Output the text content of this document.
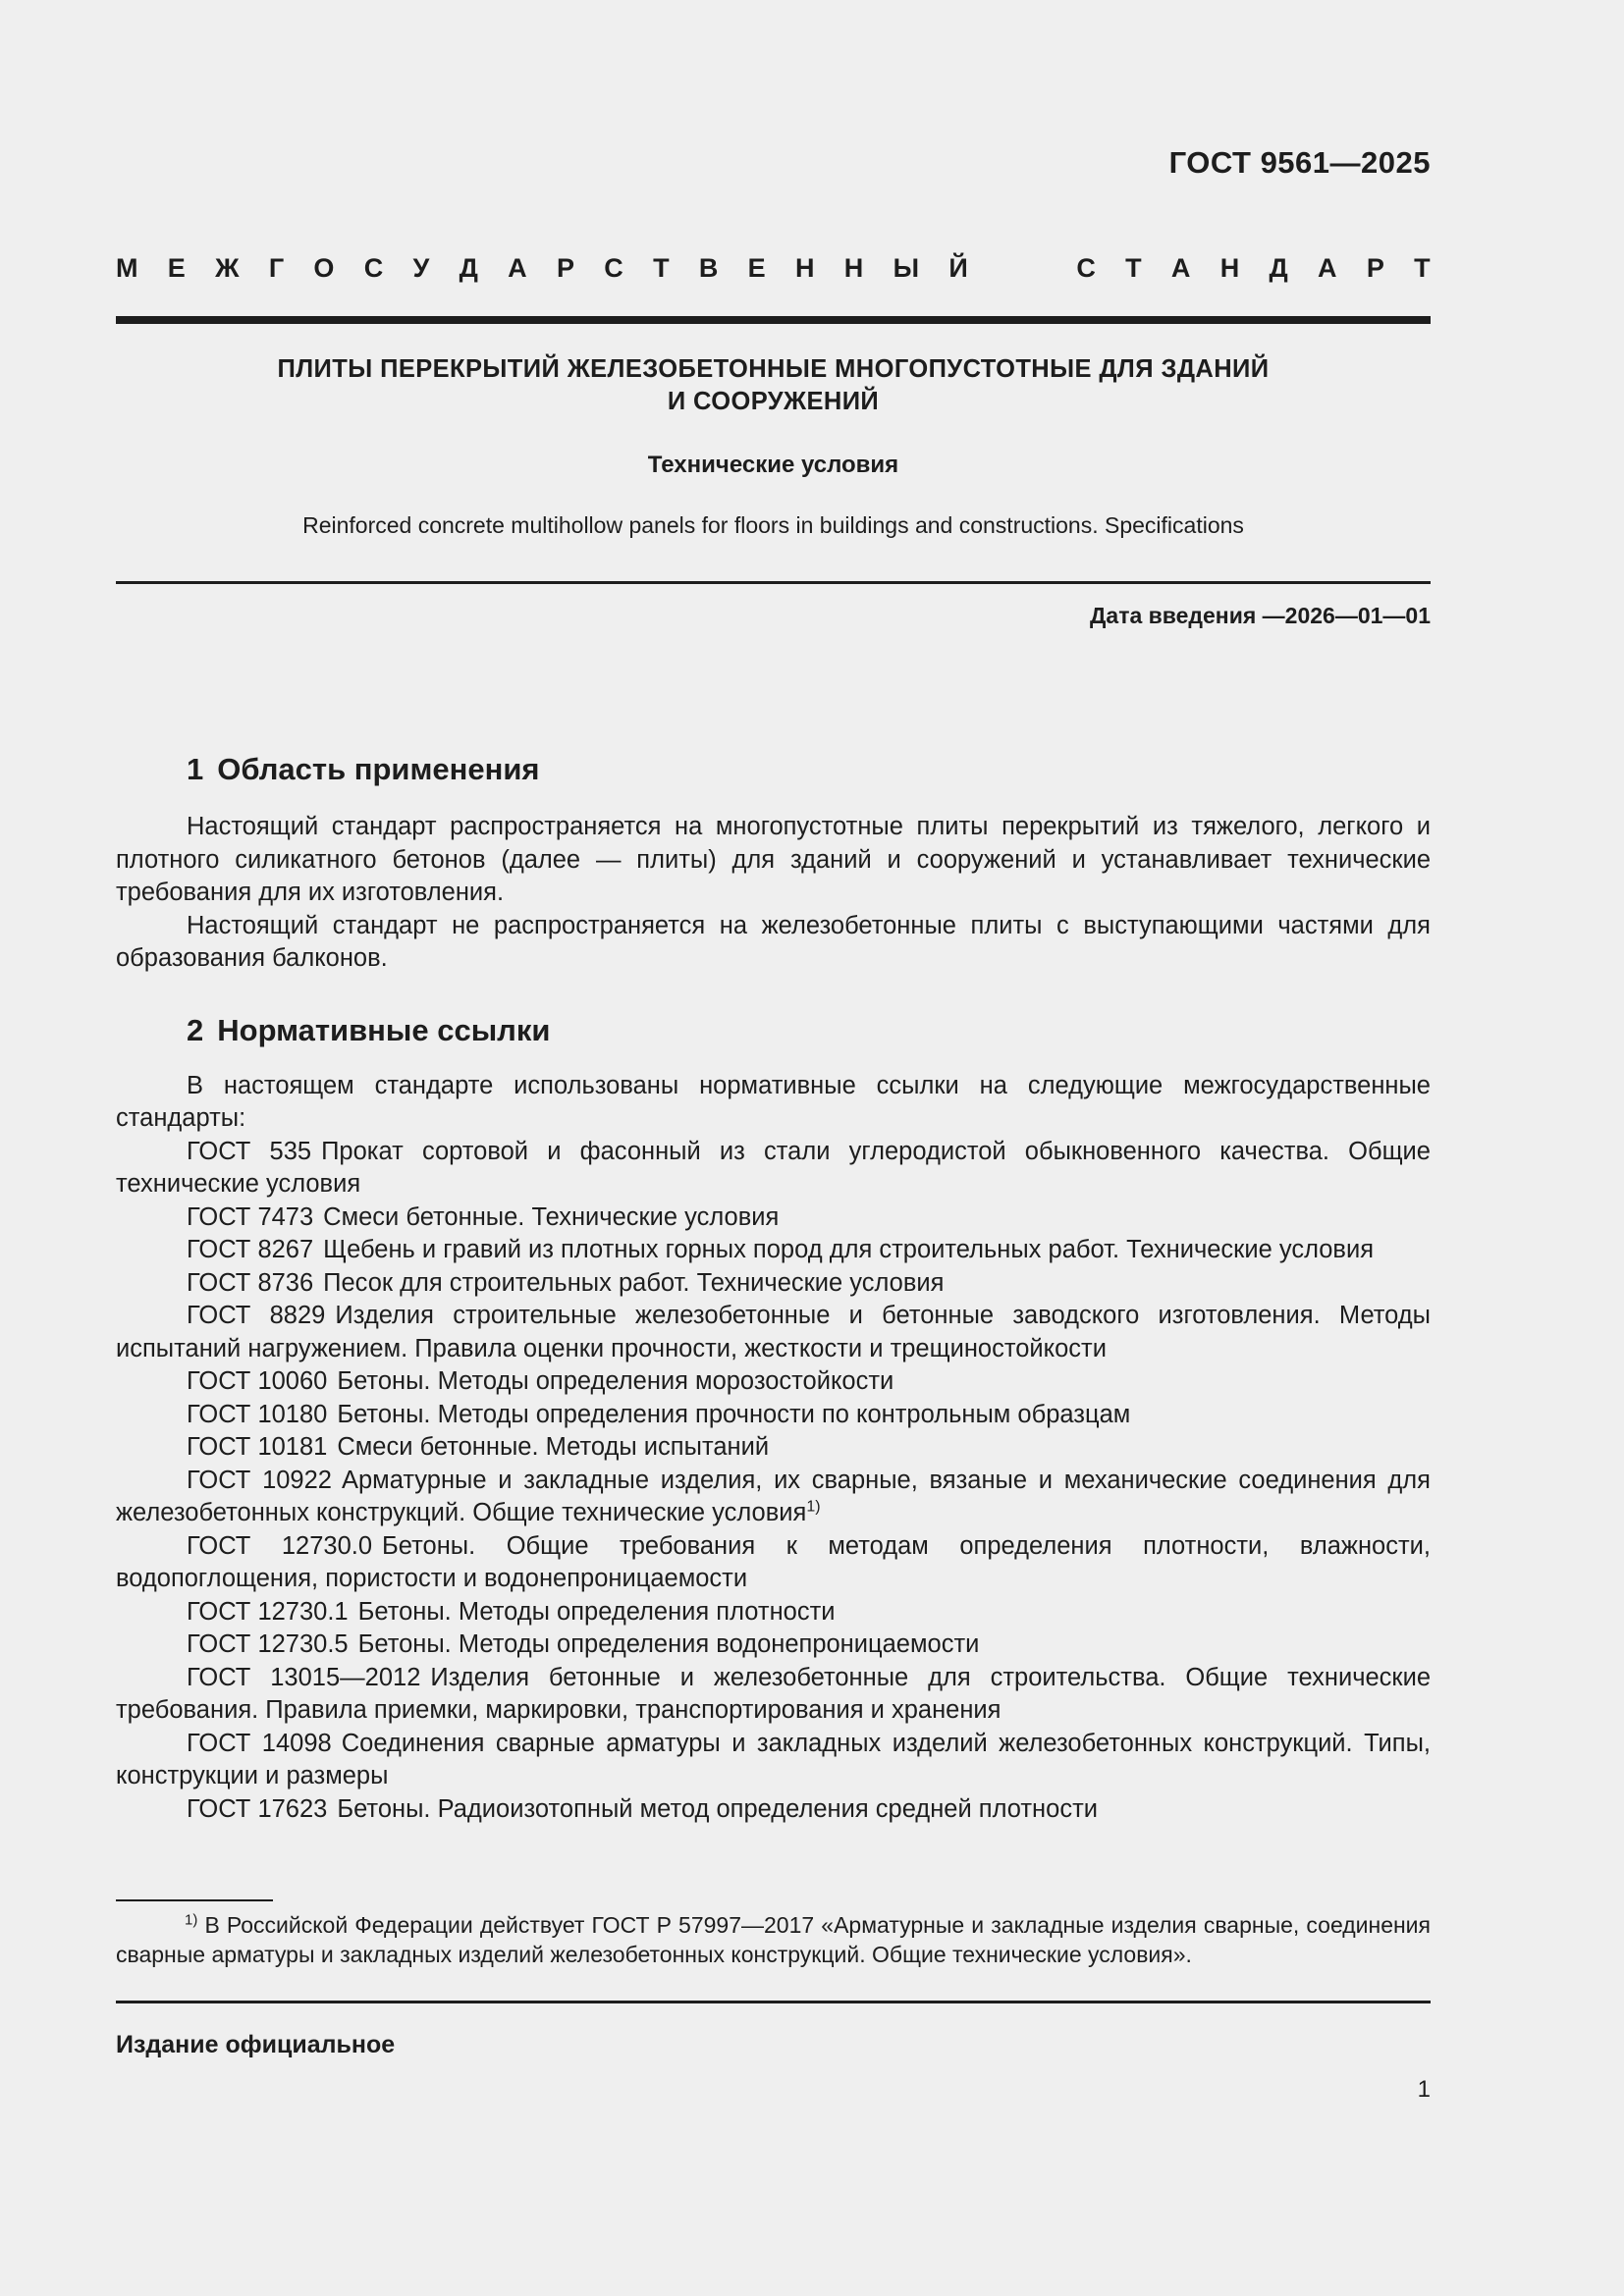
ГОСТ 9561—2025
М Е Ж Г О С У Д А Р С Т В Е Н Н Ы Й	С Т А Н Д А Р Т
ПЛИТЫ ПЕРЕКРЫТИЙ ЖЕЛЕЗОБЕТОННЫЕ МНОГОПУСТОТНЫЕ ДЛЯ ЗДАНИЙ
И СООРУЖЕНИЙ
Технические условия
Reinforced concrete multihollow panels for floors in buildings and constructions. Specifications
Дата введения —2026—01—01
1 Область применения

Настоящий стандарт распространяется на многопустотные плиты перекрытий из тяжелого, легкого и плотного силикатного бетонов (далее — плиты) для зданий и сооружений и устанавливает технические требования для их изготовления.

Настоящий стандарт не распространяется на железобетонные плиты с выступающими частями для образования балконов.

2 Нормативные ссылки

В настоящем стандарте использованы нормативные ссылки на следующие межгосударственные стандарты:

ГОСТ 535 Прокат сортовой и фасонный из стали углеродистой обыкновенного качества. Общие технические условия

ГОСТ 7473 Смеси бетонные. Технические условия

ГОСТ 8267 Щебень и гравий из плотных горных пород для строительных работ. Технические условия

ГОСТ 8736 Песок для строительных работ. Технические условия

ГОСТ 8829 Изделия строительные железобетонные и бетонные заводского изготовления. Методы испытаний нагружением. Правила оценки прочности, жесткости и трещиностойкости

ГОСТ 10060 Бетоны. Методы определения морозостойкости

ГОСТ 10180 Бетоны. Методы определения прочности по контрольным образцам

ГОСТ 10181 Смеси бетонные. Методы испытаний

ГОСТ 10922 Арматурные и закладные изделия, их сварные, вязаные и механические соединения для железобетонных конструкций. Общие технические условия$^{1)}$

ГОСТ 12730.0 Бетоны. Общие требования к методам определения плотности, влажности, водопоглощения, пористости и водонепроницаемости

ГОСТ 12730.1 Бетоны. Методы определения плотности

ГОСТ 12730.5 Бетоны. Методы определения водонепроницаемости

ГОСТ 13015—2012 Изделия бетонные и железобетонные для строительства. Общие технические требования. Правила приемки, маркировки, транспортирования и хранения

ГОСТ 14098 Соединения сварные арматуры и закладных изделий железобетонных конструкций. Типы, конструкции и размеры

ГОСТ 17623 Бетоны. Радиоизотопный метод определения средней плотности

$^{1)}$ В Российской Федерации действует ГОСТ Р 57997—2017 «Арматурные и закладные изделия сварные, соединения сварные арматуры и закладных изделий железобетонных конструкций. Общие технические условия».

Издание официальное
1
